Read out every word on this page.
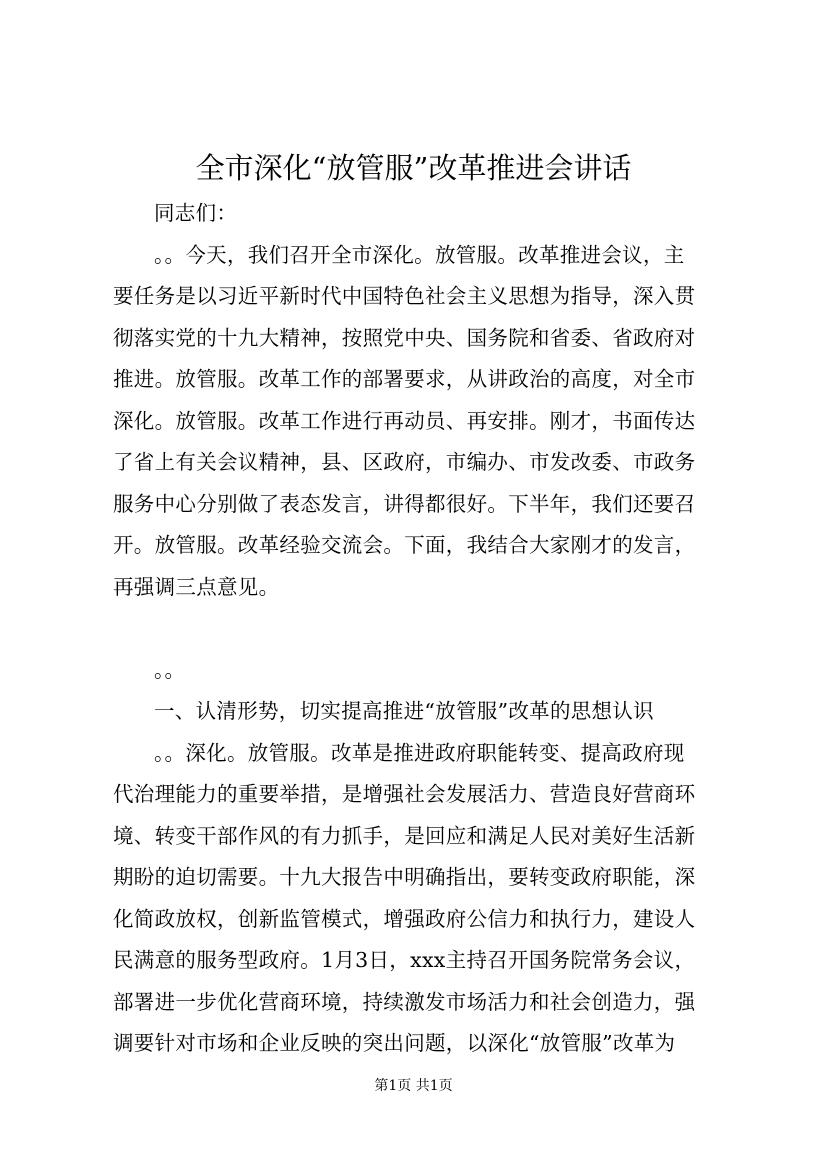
全市深化“放管服”改革推进会讲话
同志们：
。。今天，我们召开全市深化。放管服。改革推进会议，主
要任务是以习近平新时代中国特色社会主义思想为指导，深入贯
彻落实党的十九大精神，按照党中央、国务院和省委、省政府对
推进。放管服。改革工作的部署要求，从讲政治的高度，对全市
深化。放管服。改革工作进行再动员、再安排。刚才，书面传达
了省上有关会议精神，县、区政府，市编办、市发改委、市政务
服务中心分别做了表态发言，讲得都很好。下半年，我们还要召
开。放管服。改革经验交流会。下面，我结合大家刚才的发言，
再强调三点意见。
。。
一、认清形势，切实提高推进“放管服”改革的思想认识
。。深化。放管服。改革是推进政府职能转变、提高政府现
代治理能力的重要举措，是增强社会发展活力、营造良好营商环
境、转变干部作风的有力抓手，是回应和满足人民对美好生活新
期盼的迫切需要。十九大报告中明确指出，要转变政府职能，深
化简政放权，创新监管模式，增强政府公信力和执行力，建设人
民满意的服务型政府。1月3日，xxx主持召开国务院常务会议，
部署进一步优化营商环境，持续激发市场活力和社会创造力，强
调要针对市场和企业反映的突出问题，以深化“放管服”改革为
第1页 共1页
